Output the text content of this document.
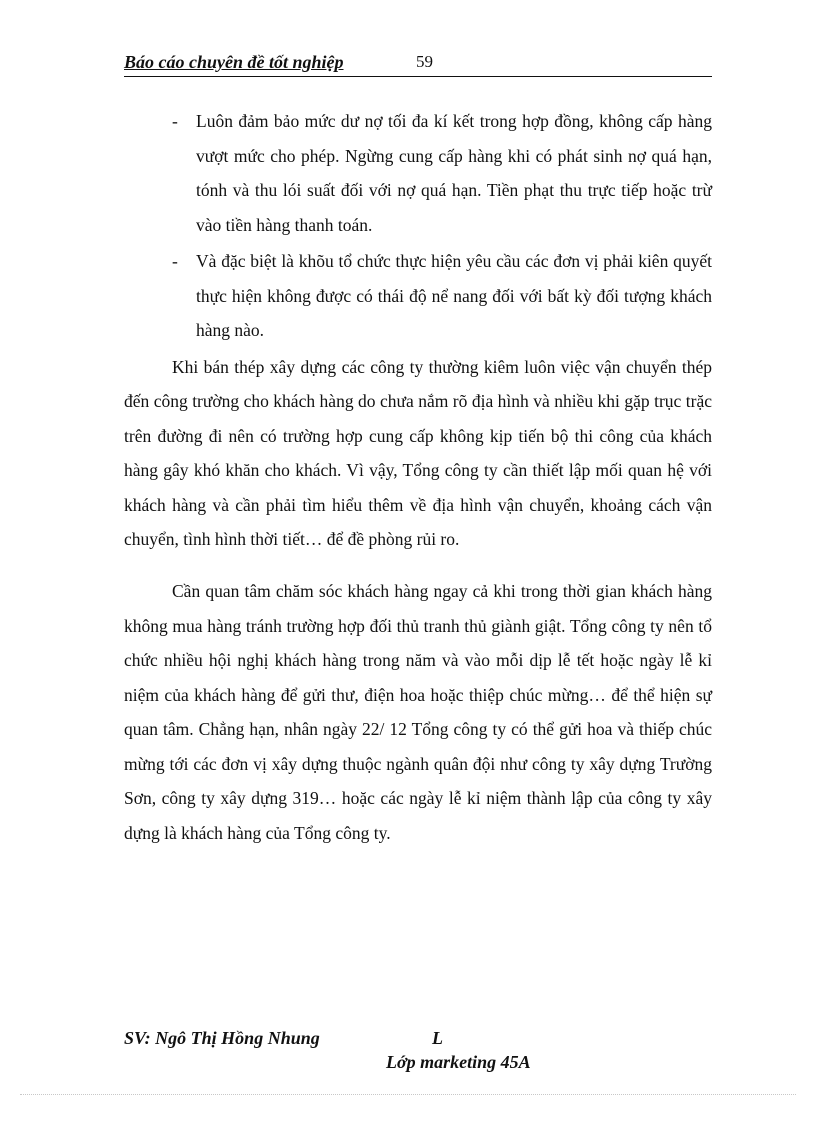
Báo cáo chuyên đề tốt nghiệp	59
- Luôn đảm bảo mức dư nợ tối đa kí kết trong hợp đồng, không cấp hàng vượt mức cho phép. Ngừng cung cấp hàng khi có phát sinh nợ quá hạn, tónh và thu lói suất đối với nợ quá hạn. Tiền phạt thu trực tiếp hoặc trừ vào tiền hàng thanh toán.
- Và đặc biệt là khõu tổ chức thực hiện yêu cầu các đơn vị phải kiên quyết thực hiện không được có thái độ nể nang đối với bất kỳ đối tượng khách hàng nào.

Khi bán thép xây dựng các công ty thường kiêm luôn việc vận chuyển thép đến công trường cho khách hàng do chưa nắm rõ địa hình và nhiều khi gặp trục trặc trên đường đi nên có trường hợp cung cấp không kịp tiến bộ thi công của khách hàng gây khó khăn cho khách. Vì vậy, Tổng công ty cần thiết lập mối quan hệ với khách hàng và cần phải tìm hiểu thêm về địa hình vận chuyển, khoảng cách vận chuyển, tình hình thời tiết… để đề phòng rủi ro.

Cần quan tâm chăm sóc khách hàng ngay cả khi trong thời gian khách hàng không mua hàng tránh trường hợp đối thủ tranh thủ giành giật. Tổng công ty nên tổ chức nhiều hội nghị khách hàng trong năm và vào mỗi dịp lễ tết hoặc ngày lễ kỉ niệm của khách hàng để gửi thư, điện hoa hoặc thiệp chúc mừng… để thể hiện sự quan tâm. Chẳng hạn, nhân ngày 22/ 12 Tổng công ty có thể gửi hoa và thiếp chúc mừng tới các đơn vị xây dựng thuộc ngành quân đội như công ty xây dựng Trường Sơn, công ty xây dựng 319… hoặc các ngày lễ kỉ niệm thành lập của công ty xây dựng là khách hàng của Tổng công ty.

SV: Ngô Thị Hồng Nhung	L
Lớp marketing 45A
